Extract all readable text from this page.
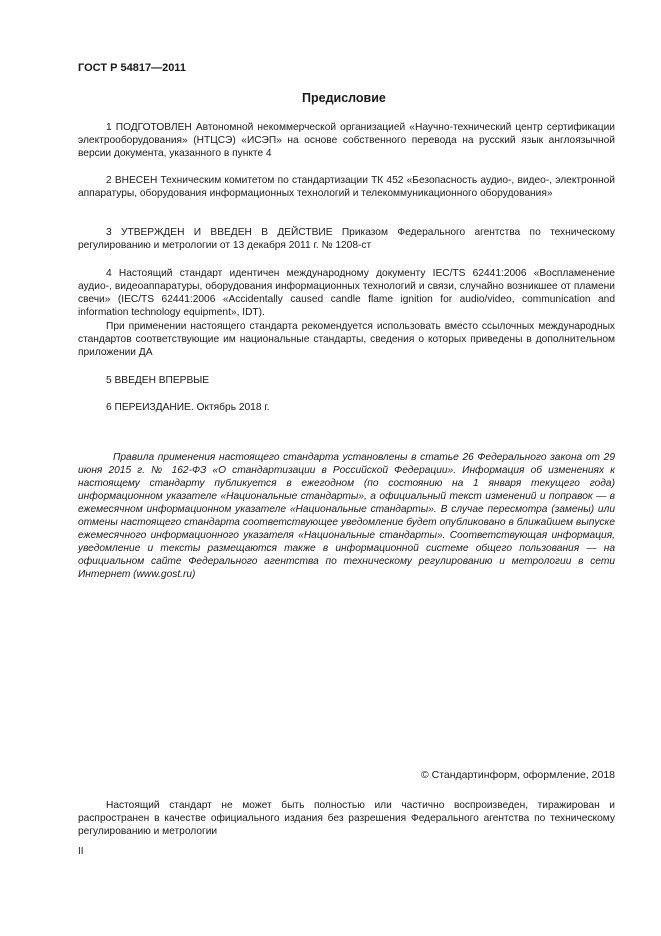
ГОСТ Р 54817—2011
Предисловие

1 ПОДГОТОВЛЕН Автономной некоммерческой организацией «Научно-технический центр сертификации электрооборудования» (НТЦСЭ) «ИСЭП» на основе собственного перевода на русский язык англоязычной версии документа, указанного в пункте 4

2 ВНЕСЕН Техническим комитетом по стандартизации ТК 452 «Безопасность аудио-, видео-, электронной аппаратуры, оборудования информационных технологий и телекоммуникационного оборудования»

3 УТВЕРЖДЕН И ВВЕДЕН В ДЕЙСТВИЕ Приказом Федерального агентства по техническому регулированию и метрологии от 13 декабря 2011 г. № 1208-ст

4 Настоящий стандарт идентичен международному документу IEC/TS 62441:2006 «Воспламенение аудио-, видеоаппаратуры, оборудования информационных технологий и связи, случайно возникшее от пламени свечи» (IEC/TS 62441:2006 «Accidentally caused candle flame ignition for audio/video, communication and information technology equipment», IDT).

При применении настоящего стандарта рекомендуется использовать вместо ссылочных международных стандартов соответствующие им национальные стандарты, сведения о которых приведены в дополнительном приложении ДА

5 ВВЕДЕН ВПЕРВЫЕ

6 ПЕРЕИЗДАНИЕ. Октябрь 2018 г.

Правила применения настоящего стандарта установлены в статье 26 Федерального закона от 29 июня 2015 г. № 162-ФЗ «О стандартизации в Российской Федерации». Информация об изменениях к настоящему стандарту публикуется в ежегодном (по состоянию на 1 января текущего года) информационном указателе «Национальные стандарты», а официальный текст изменений и поправок — в ежемесячном информационном указателе «Национальные стандарты». В случае пересмотра (замены) или отмены настоящего стандарта соответствующее уведомление будет опубликовано в ближайшем выпуске ежемесячного информационного указателя «Национальные стандарты». Соответствующая информация, уведомление и тексты размещаются также в информационной системе общего пользования — на официальном сайте Федерального агентства по техническому регулированию и метрологии в сети Интернет (www.gost.ru)

© Стандартинформ, оформление, 2018

Настоящий стандарт не может быть полностью или частично воспроизведен, тиражирован и распространен в качестве официального издания без разрешения Федерального агентства по техническому регулированию и метрологии

II
